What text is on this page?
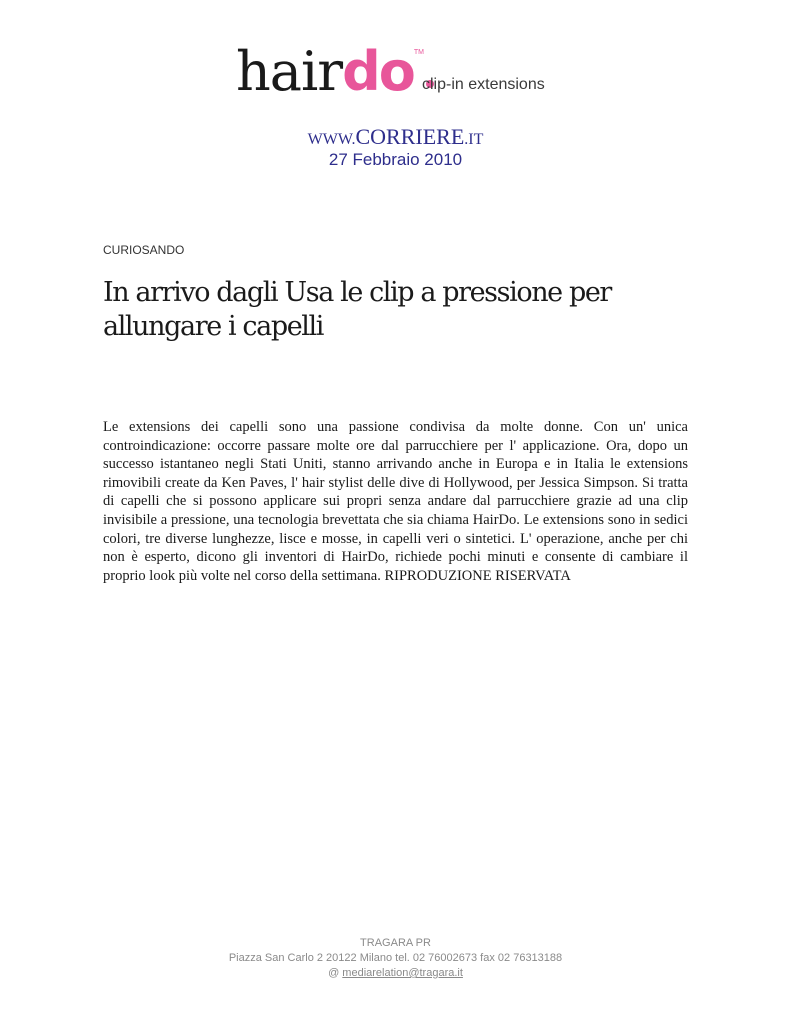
hairdo™
clip-in extensions
WWW.CORRIERE.IT
27 Febbraio 2010
CURIOSANDO
In arrivo dagli Usa le clip a pressione per allungare i capelli

Le extensions dei capelli sono una passione condivisa da molte donne. Con un' unica controindicazione: occorre passare molte ore dal parrucchiere per l' applicazione. Ora, dopo un successo istantaneo negli Stati Uniti, stanno arrivando anche in Europa e in Italia le extensions rimovibili create da Ken Paves, l' hair stylist delle dive di Hollywood, per Jessica Simpson. Si tratta di capelli che si possono applicare sui propri senza andare dal parrucchiere grazie ad una clip invisibile a pressione, una tecnologia brevettata che sia chiama HairDo. Le extensions sono in sedici colori, tre diverse lunghezze, lisce e mosse, in capelli veri o sintetici. L' operazione, anche per chi non è esperto, dicono gli inventori di HairDo, richiede pochi minuti e consente di cambiare il proprio look più volte nel corso della settimana. RIPRODUZIONE RISERVATA

TRAGARA PR
Piazza San Carlo 2 20122 Milano tel. 02 76002673 fax 02 76313188
@ mediarelation@tragara.it
